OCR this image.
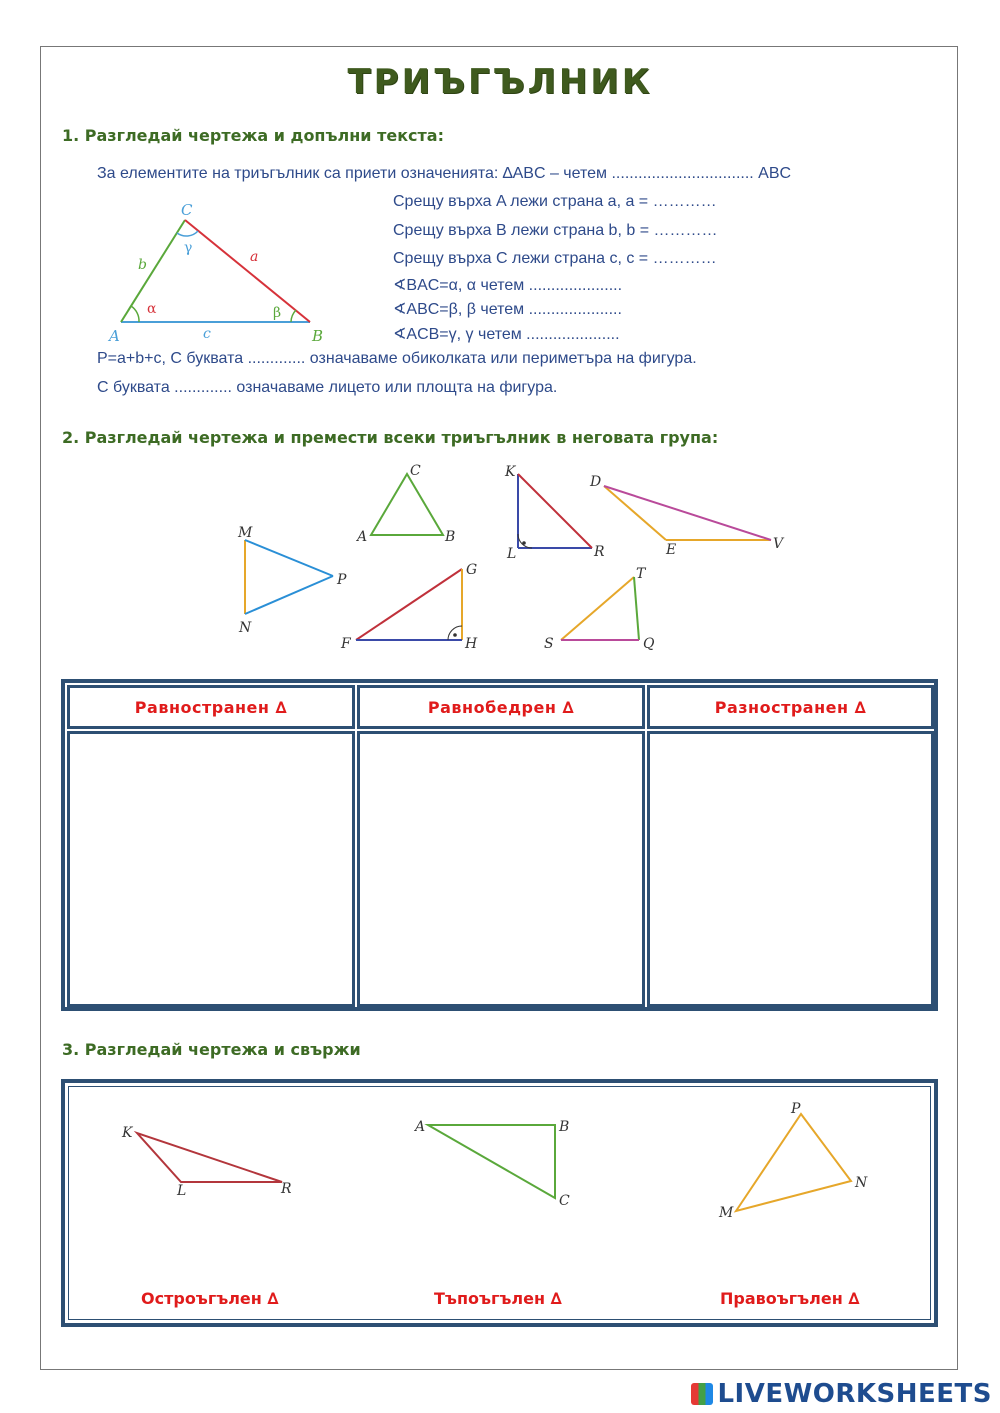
ТРИЪГЪЛНИК
1. Разгледай чертежа и допълни текста:
За елементите на триъгълник са приети означенията: ∆ABC – четем ................................ ABC
A	B
C
c
b	a
α	β
γ
Срещу върха A лежи страна a, a = …………
Срещу върха B лежи страна b, b = …………
Срещу върха C лежи страна c, c = …………
∢BAC=α, α четем .....................
∢ABC=β, β четем .....................
∢ACB=γ, γ четем .....................
P=a+b+c, С буквата ............. означаваме обиколката или периметъра на фигура.
С буквата ............. означаваме лицето или площта на фигура.
2. Разгледай чертежа и премести всеки триъгълник в неговата група:
A	B
C	K
L	R
D
E	V
M
N
P
F
G
H	S
T
Q
Равностранен ∆	Равнобедрен ∆	Разностранен ∆
3. Разгледай чертежа и свържи
K
L	R
A	B
C
M
P
N
Остроъгълен ∆	Тъпоъгълен ∆	Правоъгълен ∆
LIVEWORKSHEETS
